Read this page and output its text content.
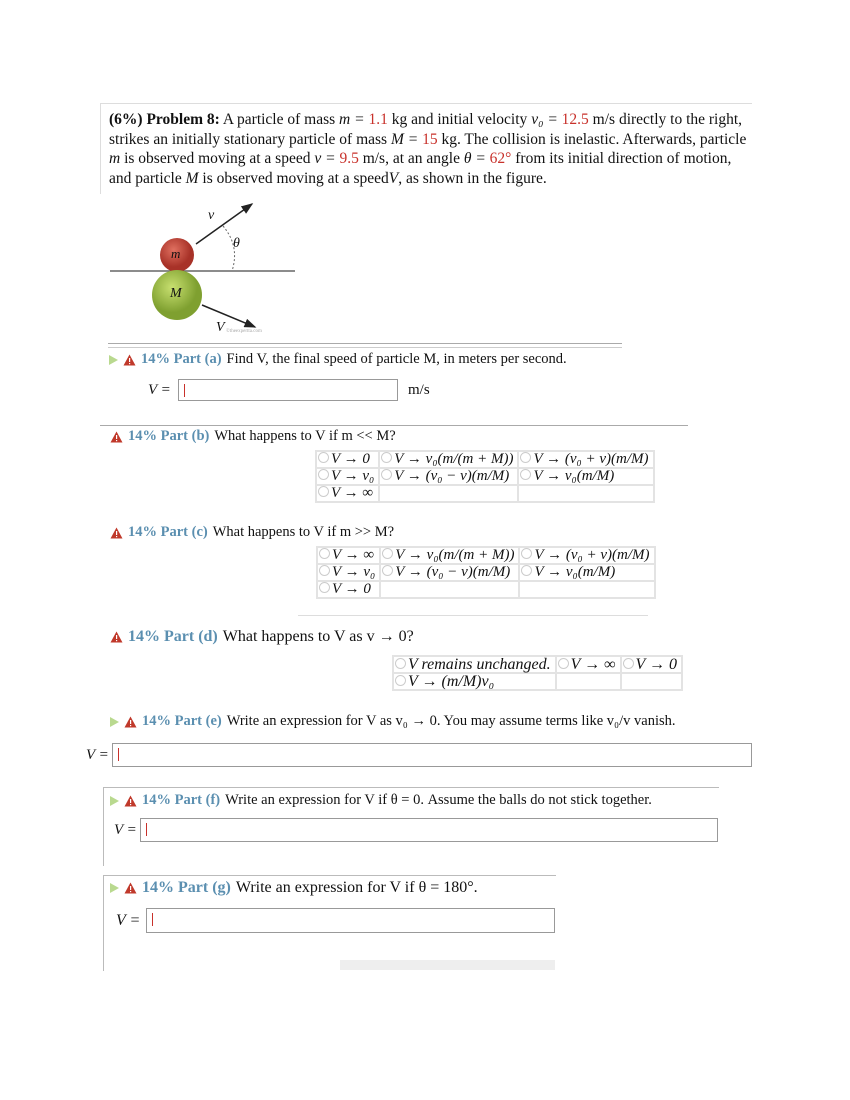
(6%) Problem 8: A particle of mass m = 1.1 kg and initial velocity v₀ = 12.5 m/s directly to the right, strikes an initially stationary particle of mass M = 15 kg. The collision is inelastic. Afterwards, particle m is observed moving at a speed v = 9.5 m/s, at an angle θ = 62° from its initial direction of motion, and particle M is observed moving at a speedV, as shown in the figure.
v
θ
m
M
V ©theexpertta.com
14% Part (a) Find V, the final speed of particle M, in meters per second.
V =	m/s
14% Part (b) What happens to V if m << M?
V → 0	V → v₀(m/(m + M))	V → (v₀ + v)(m/M)
V → v₀	V → (v₀ − v)(m/M)	V → v₀(m/M)
V → ∞		
14% Part (c) What happens to V if m >> M?
V → ∞	V → v₀(m/(m + M))	V → (v₀ + v)(m/M)
V → v₀	V → (v₀ − v)(m/M)	V → v₀(m/M)
V → 0		
14% Part (d) What happens to V as v → 0?
V remains unchanged.	V → ∞	V → 0
V → (m/M)v₀		
14% Part (e) Write an expression for V as v₀ → 0. You may assume terms like v₀/v vanish.
V =
14% Part (f) Write an expression for V if θ = 0. Assume the balls do not stick together.
V =
14% Part (g) Write an expression for V if θ = 180°.
V =
